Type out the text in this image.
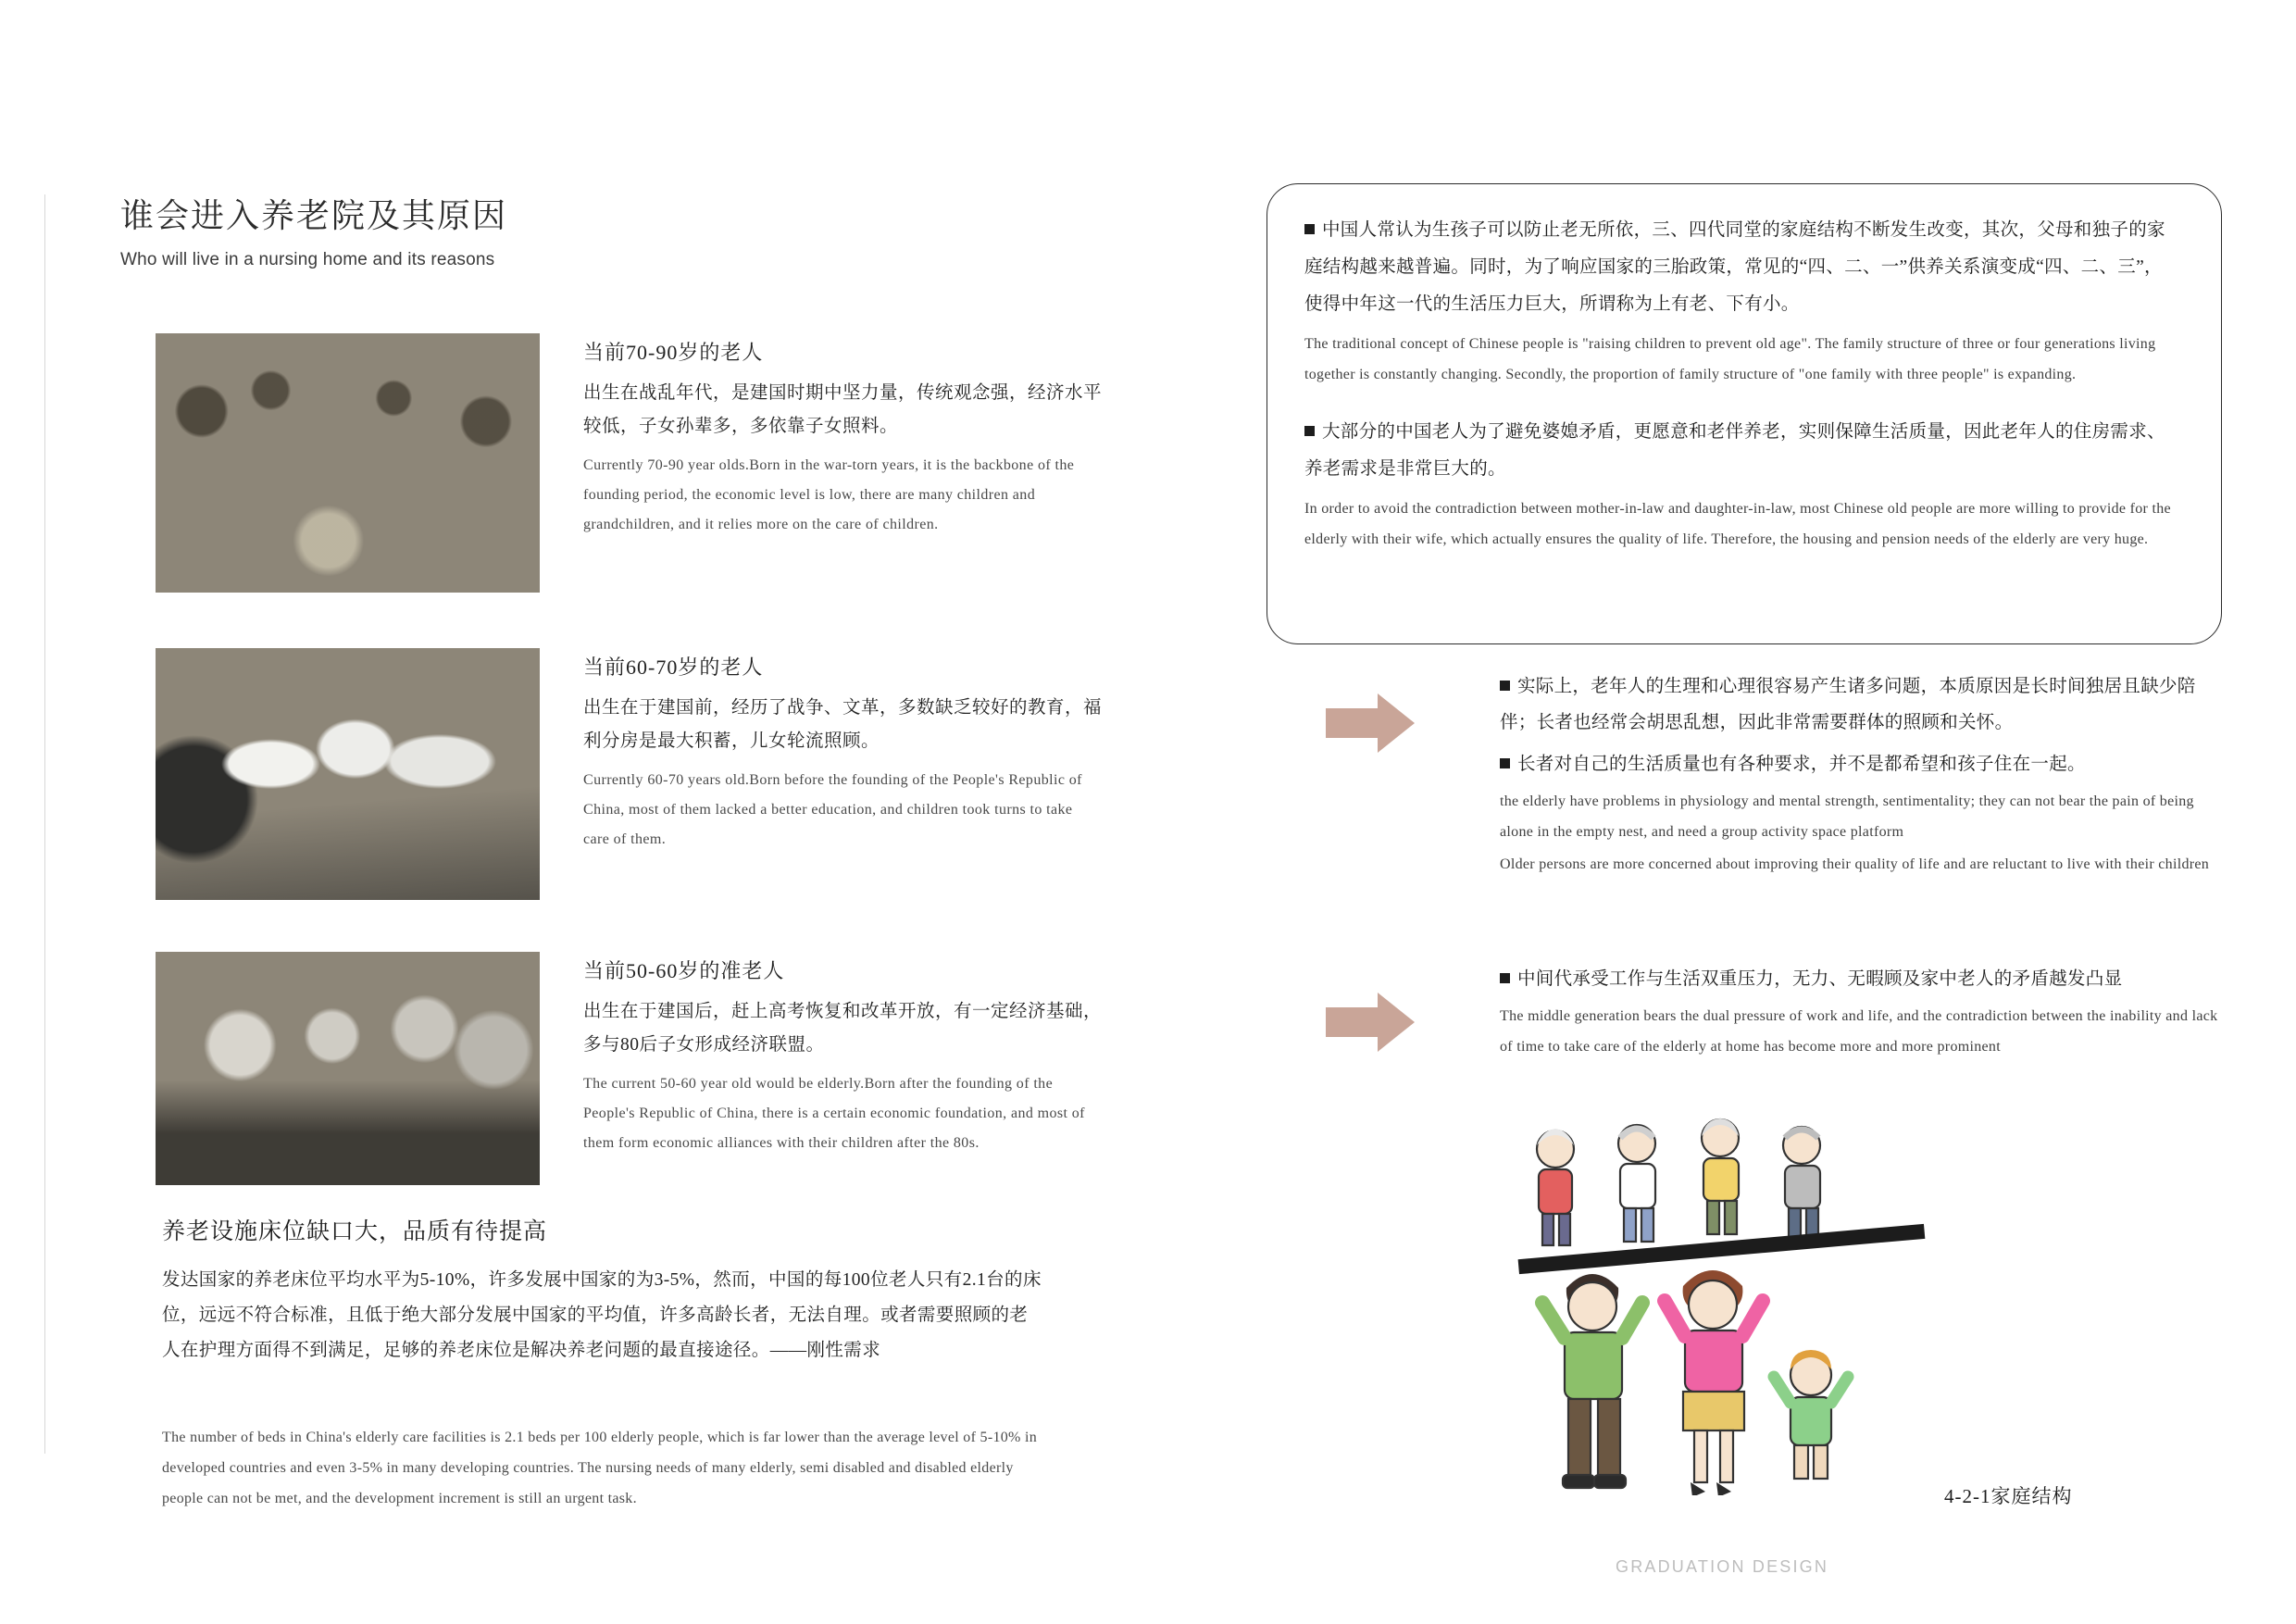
谁会进入养老院及其原因

Who will live in a nursing home and its reasons

当前70-90岁的老人

出生在战乱年代，是建国时期中坚力量，传统观念强，经济水平较低，子女孙辈多，多依靠子女照料。

Currently 70-90 year olds.Born in the war-torn years, it is the backbone of the founding period, the economic level is low, there are many children and grandchildren, and it relies more on the care of children.

当前60-70岁的老人

出生在于建国前，经历了战争、文革，多数缺乏较好的教育，福利分房是最大积蓄，儿女轮流照顾。

Currently 60-70 years old.Born before the founding of the People's Republic of China, most of them lacked a better education, and children took turns to take care of them.

当前50-60岁的准老人

出生在于建国后，赶上高考恢复和改革开放，有一定经济基础，多与80后子女形成经济联盟。

The current 50-60 year old would be elderly.Born after the founding of the People's Republic of China, there is a certain economic foundation, and most of them form economic alliances with their children after the 80s.

养老设施床位缺口大，品质有待提高

发达国家的养老床位平均水平为5-10%，许多发展中国家的为3-5%，然而，中国的每100位老人只有2.1台的床位，远远不符合标准，且低于绝大部分发展中国家的平均值，许多高龄长者，无法自理。或者需要照顾的老人在护理方面得不到满足，足够的养老床位是解决养老问题的最直接途径。——刚性需求

The number of beds in China's elderly care facilities is 2.1 beds per 100 elderly people, which is far lower than the average level of 5-10% in developed countries and even 3-5% in many developing countries. The nursing needs of many elderly, semi disabled and disabled elderly people can not be met, and the development increment is still an urgent task.

中国人常认为生孩子可以防止老无所依，三、四代同堂的家庭结构不断发生改变，其次，父母和独子的家庭结构越来越普遍。同时，为了响应国家的三胎政策，常见的“四、二、一”供养关系演变成“四、二、三”，使得中年这一代的生活压力巨大，所谓称为上有老、下有小。

The traditional concept of Chinese people is "raising children to prevent old age". The family structure of three or four generations living together is constantly changing. Secondly, the proportion of family structure of "one family with three people" is expanding.

大部分的中国老人为了避免婆媳矛盾，更愿意和老伴养老，实则保障生活质量，因此老年人的住房需求、养老需求是非常巨大的。

In order to avoid the contradiction between mother-in-law and daughter-in-law, most Chinese old people are more willing to provide for the elderly with their wife, which actually ensures the quality of life. Therefore, the housing and pension needs of the elderly are very huge.

实际上，老年人的生理和心理很容易产生诸多问题，本质原因是长时间独居且缺少陪伴；长者也经常会胡思乱想，因此非常需要群体的照顾和关怀。

长者对自己的生活质量也有各种要求，并不是都希望和孩子住在一起。

the elderly have problems in physiology and mental strength, sentimentality; they can not bear the pain of being alone in the empty nest, and need a group activity space platform

Older persons are more concerned about improving their quality of life and are reluctant to live with their children

中间代承受工作与生活双重压力，无力、无暇顾及家中老人的矛盾越发凸显

The middle generation bears the dual pressure of work and life, and the contradiction between the inability and lack of time to take care of the elderly at home has become more and more prominent

4-2-1家庭结构
GRADUATION DESIGN
